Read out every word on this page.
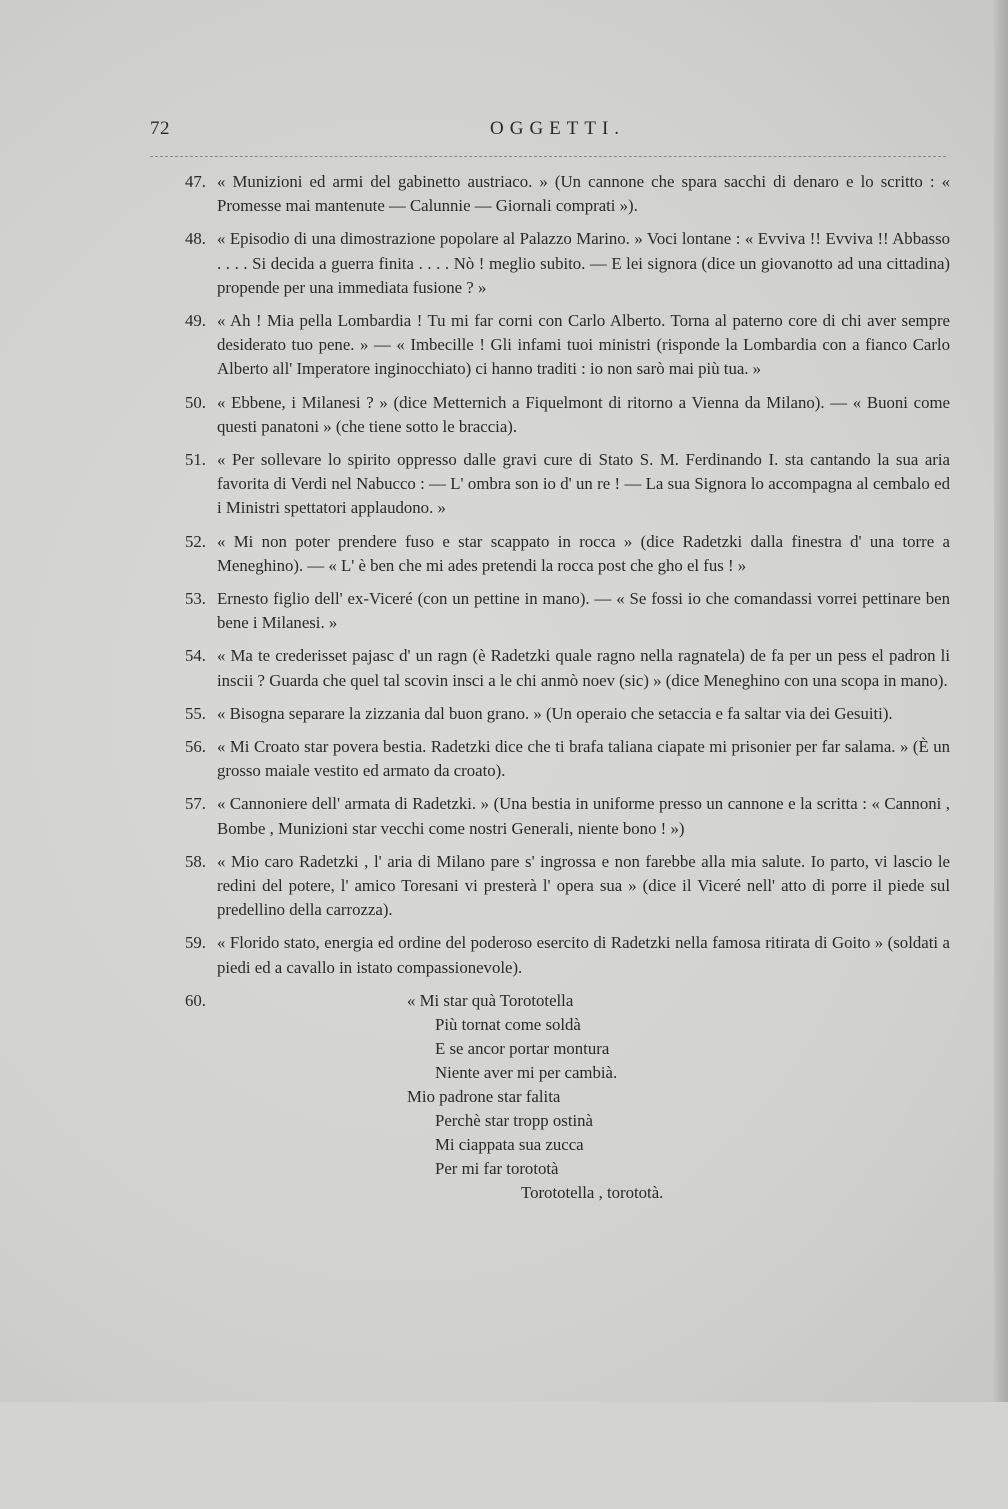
72	OGGETTI.
47. « Munizioni ed armi del gabinetto austriaco. » (Un cannone che spara sacchi di denaro e lo scritto : « Promesse mai mantenute — Calunnie — Giornali comprati »).
48. « Episodio di una dimostrazione popolare al Palazzo Marino. » Voci lontane : « Evviva !! Evviva !! Abbasso . . . . Si decida a guerra finita . . . . Nò ! meglio subito. — E lei signora (dice un giovanotto ad una cittadina) propende per una immediata fusione ? »
49. « Ah ! Mia pella Lombardia ! Tu mi far corni con Carlo Alberto. Torna al paterno core di chi aver sempre desiderato tuo pene. » — « Imbecille ! Gli infami tuoi ministri (risponde la Lombardia con a fianco Carlo Alberto all' Imperatore inginocchiato) ci hanno traditi : io non sarò mai più tua. »
50. « Ebbene, i Milanesi ? » (dice Metternich a Fiquelmont di ritorno a Vienna da Milano). — « Buoni come questi panatoni » (che tiene sotto le braccia).
51. « Per sollevare lo spirito oppresso dalle gravi cure di Stato S. M. Ferdinando I. sta cantando la sua aria favorita di Verdi nel Nabucco : — L' ombra son io d' un re ! — La sua Signora lo accompagna al cembalo ed i Ministri spettatori applaudono. »
52. « Mi non poter prendere fuso e star scappato in rocca » (dice Radetzki dalla finestra d' una torre a Meneghino). — « L' è ben che mi ades pretendi la rocca post che gho el fus ! »
53. Ernesto figlio dell' ex-Viceré (con un pettine in mano). — « Se fossi io che comandassi vorrei pettinare ben bene i Milanesi. »
54. « Ma te crederisset pajasc d' un ragn (è Radetzki quale ragno nella ragnatela) de fa per un pess el padron li inscii ? Guarda che quel tal scovin insci a le chi anmò noev (sic) » (dice Meneghino con una scopa in mano).
55. « Bisogna separare la zizzania dal buon grano. » (Un operaio che setaccia e fa saltar via dei Gesuiti).
56. « Mi Croato star povera bestia. Radetzki dice che ti brafa taliana ciapate mi prisonier per far salama. » (È un grosso maiale vestito ed armato da croato).
57. « Cannoniere dell' armata di Radetzki. » (Una bestia in uniforme presso un cannone e la scritta : « Cannoni , Bombe , Munizioni star vecchi come nostri Generali, niente bono ! »)
58. « Mio caro Radetzki , l' aria di Milano pare s' ingrossa e non farebbe alla mia salute. Io parto, vi lascio le redini del potere, l' amico Toresani vi presterà l' opera sua » (dice il Viceré nell' atto di porre il piede sul predellino della carrozza).
59. « Florido stato, energia ed ordine del poderoso esercito di Radetzki nella famosa ritirata di Goito » (soldati a piedi ed a cavallo in istato compassionevole).
60.	« Mi star quà Torototella
Più tornat come soldà
E se ancor portar montura
Niente aver mi per cambià.
Mio padrone star falita
Perchè star tropp ostinà
Mi ciappata sua zucca
Per mi far torototà
Torototella , torototà.
